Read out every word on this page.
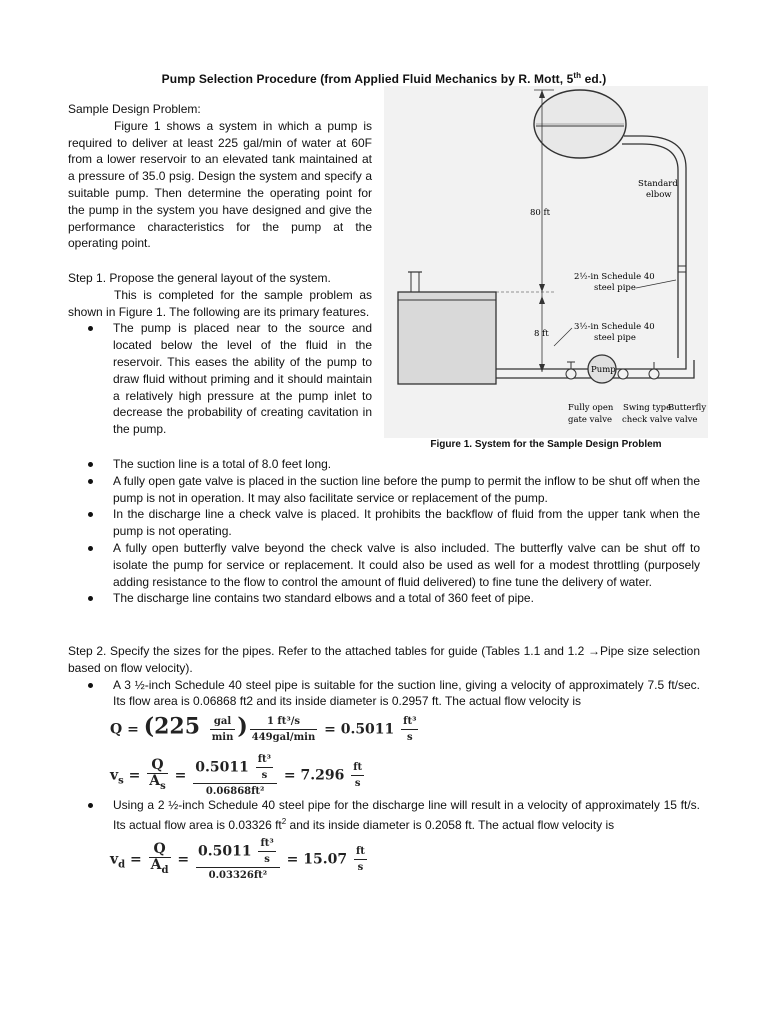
Pump Selection Procedure (from Applied Fluid Mechanics by R. Mott, 5th ed.)

Sample Design Problem:

Figure 1 shows a system in which a pump is required to deliver at least 225 gal/min of water at 60F from a lower reservoir to an elevated tank maintained at a pressure of 35.0 psig. Design the system and specify a suitable pump. Then determine the operating point for the pump in the system you have designed and give the performance characteristics for the pump at the operating point.

Step 1. Propose the general layout of the system.

This is completed for the sample problem as shown in Figure 1. The following are its primary features.

The pump is placed near to the source and located below the level of the fluid in the reservoir. This eases the ability of the pump to draw fluid without priming and it should maintain a relatively high pressure at the pump inlet to decrease the probability of creating cavitation in the pump.
The suction line is a total of 8.0 feet long.
A fully open gate valve is placed in the suction line before the pump to permit the inflow to be shut off when the pump is not in operation. It may also facilitate service or replacement of the pump.
In the discharge line a check valve is placed. It prohibits the backflow of fluid from the upper tank when the pump is not operating.
A fully open butterfly valve beyond the check valve is also included. The butterfly valve can be shut off to isolate the pump for service or replacement. It could also be used as well for a modest throttling (purposely adding resistance to the flow to control the amount of fluid delivered) to fine tune the delivery of water.
The discharge line contains two standard elbows and a total of 360 feet of pipe.

Step 2. Specify the sizes for the pipes. Refer to the attached tables for guide (Tables 1.1 and 1.2 →Pipe size selection based on flow velocity).

A 3 ½-inch Schedule 40 steel pipe is suitable for the suction line, giving a velocity of approximately 7.5 ft/sec. Its flow area is 0.06868 ft2 and its inside diameter is 0.2957 ft. The actual flow velocity is
$Q = (225 \frac{\text{gal}}{\min}$ ) $\frac{\text{1 ft³/s}}{\text{449gal/min}} = 0.5011 \frac{\text{ft³}}{s}$
$v_s = \frac{Q}{A_s} = \frac{0.5011 \frac{\text{ft³}}{s}}{\text{0.06868ft²}} = 7.296 \frac{ft}{s}$
Using a 2 ½-inch Schedule 40 steel pipe for the discharge line will result in a velocity of approximately 15 ft/s. Its actual flow area is 0.03326 $ft^2$ and its inside diameter is 0.2058 ft. The actual flow velocity is
$v_d = \frac{Q}{A_d} = \frac{0.5011 \frac{\text{ft³}}{s}}{\text{0.03326ft²}} = 15.07 \frac{ft}{s}$
80 ft
8 ft
Pump
Standard
elbow
2½-in Schedule 40
steel pipe
3½-in Schedule 40
steel pipe
Fully open
gate valve
Swing type
check valve
Butterfly
valve
Figure 1. System for the Sample Design Problem
